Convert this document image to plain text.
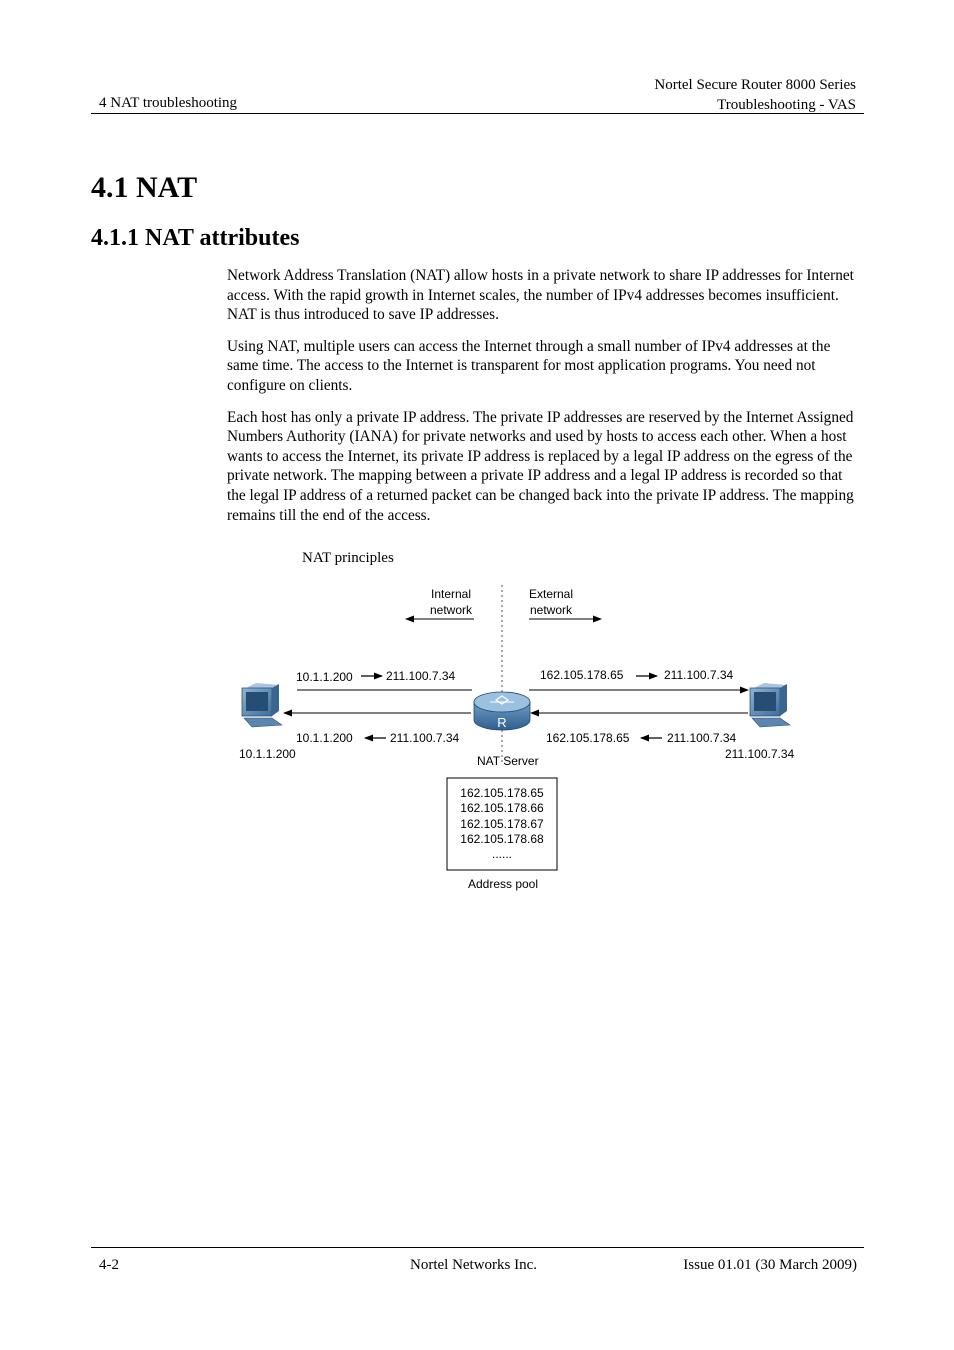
4 NAT troubleshooting
Nortel Secure Router 8000 Series
Troubleshooting - VAS
4.1 NAT
4.1.1 NAT attributes

Network Address Translation (NAT) allow hosts in a private network to share IP addresses for Internet access. With the rapid growth in Internet scales, the number of IPv4 addresses becomes insufficient. NAT is thus introduced to save IP addresses.

Using NAT, multiple users can access the Internet through a small number of IPv4 addresses at the same time. The access to the Internet is transparent for most application programs. You need not configure on clients.

Each host has only a private IP address. The private IP addresses are reserved by the Internet Assigned Numbers Authority (IANA) for private networks and used by hosts to access each other. When a host wants to access the Internet, its private IP address is replaced by a legal IP address on the egress of the private network. The mapping between a private IP address and a legal IP address is recorded so that the legal IP address of a returned packet can be changed back into the private IP address. The mapping remains till the end of the access.

NAT principles
Internal
network
External
network
10.1.1.200	211.100.7.34
10.1.1.200	211.100.7.34
162.105.178.65	211.100.7.34
162.105.178.65	211.100.7.34
R
10.1.1.200	211.100.7.34
NAT Server
162.105.178.65
162.105.178.66
162.105.178.67
162.105.178.68
......
Address pool
4-2	Nortel Networks Inc.	Issue 01.01 (30 March 2009)
